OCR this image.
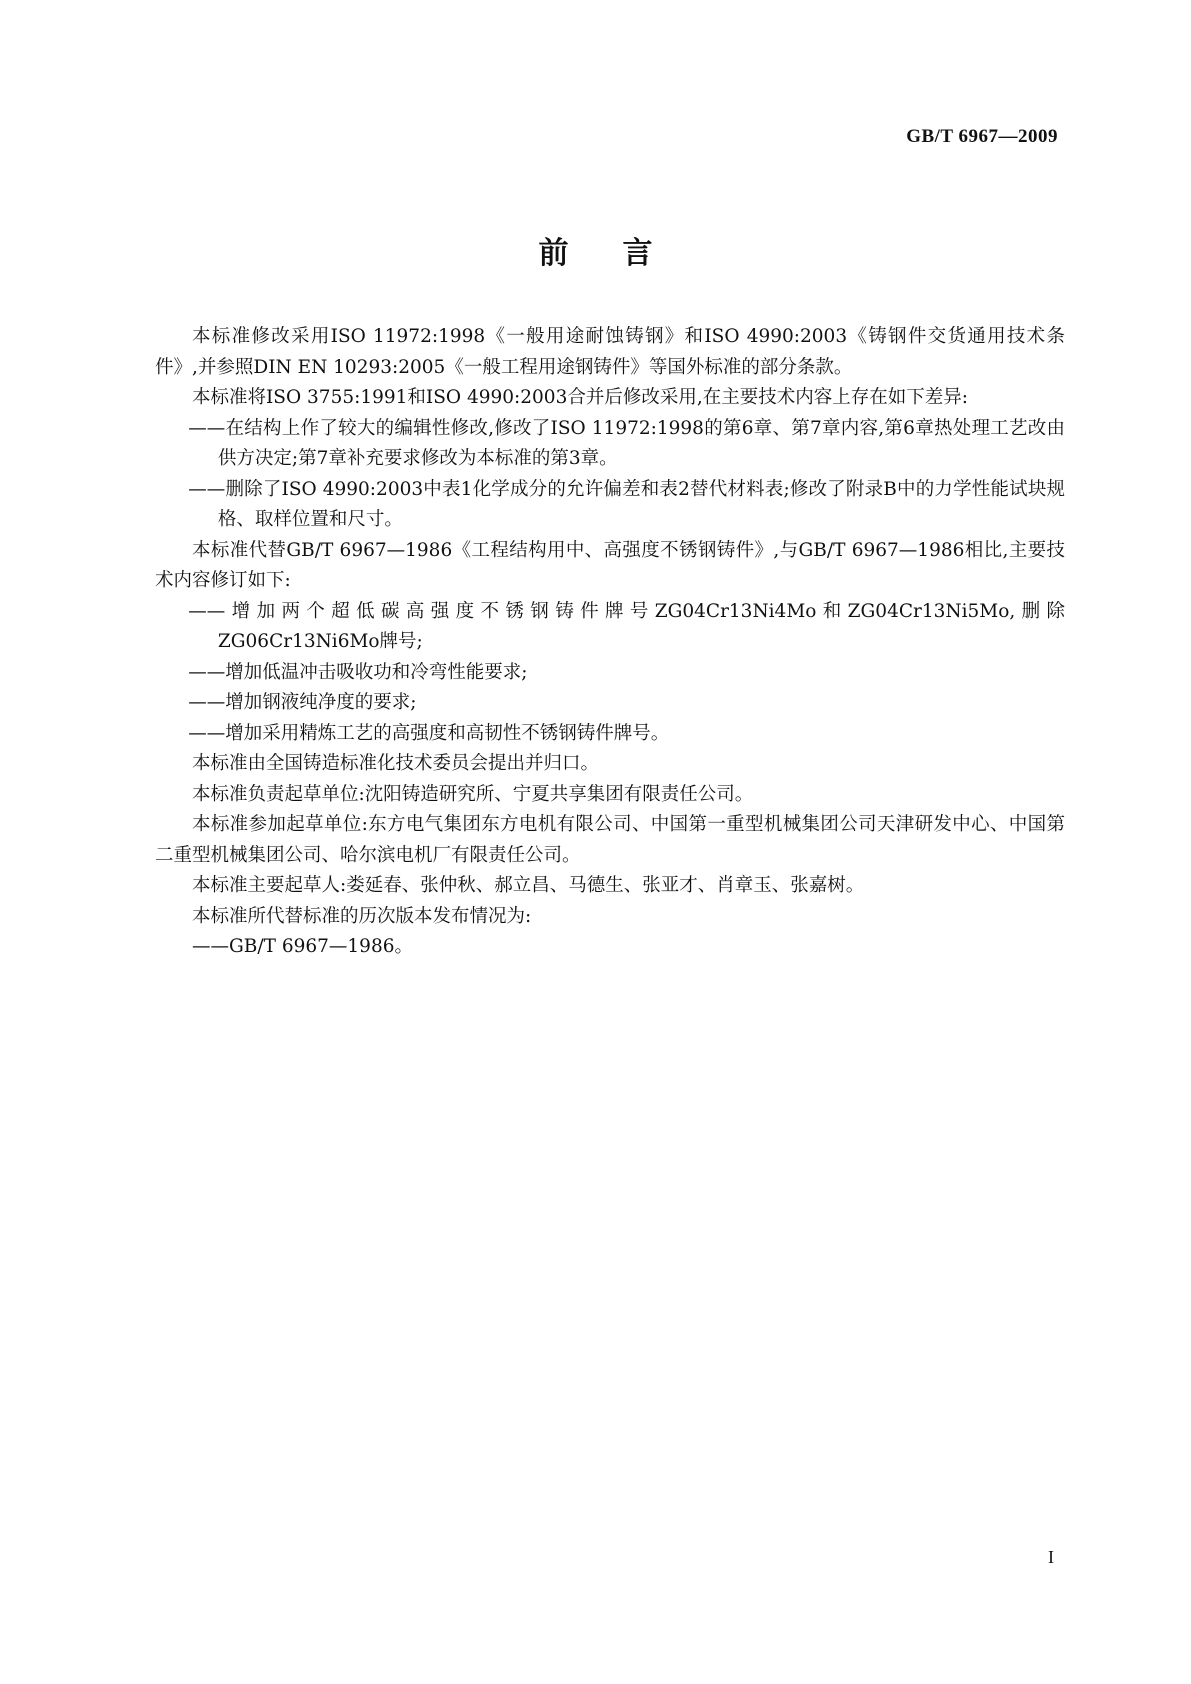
GB/T 6967—2009
前言

本标准修改采用ISO 11972:1998《一般用途耐蚀铸钢》和ISO 4990:2003《铸钢件交货通用技术条件》,并参照DIN EN 10293:2005《一般工程用途钢铸件》等国外标准的部分条款。

本标准将ISO 3755:1991和ISO 4990:2003合并后修改采用,在主要技术内容上存在如下差异:

——在结构上作了较大的编辑性修改,修改了ISO 11972:1998的第6章、第7章内容,第6章热处理工艺改由供方决定;第7章补充要求修改为本标准的第3章。

——删除了ISO 4990:2003中表1化学成分的允许偏差和表2替代材料表;修改了附录B中的力学性能试块规格、取样位置和尺寸。

本标准代替GB/T 6967—1986《工程结构用中、高强度不锈钢铸件》,与GB/T 6967—1986相比,主要技术内容修订如下:

——增加两个超低碳高强度不锈钢铸件牌号ZG04Cr13Ni4Mo和ZG04Cr13Ni5Mo,删除ZG06Cr13Ni6Mo牌号;

——增加低温冲击吸收功和冷弯性能要求;

——增加钢液纯净度的要求;

——增加采用精炼工艺的高强度和高韧性不锈钢铸件牌号。

本标准由全国铸造标准化技术委员会提出并归口。

本标准负责起草单位:沈阳铸造研究所、宁夏共享集团有限责任公司。

本标准参加起草单位:东方电气集团东方电机有限公司、中国第一重型机械集团公司天津研发中心、中国第二重型机械集团公司、哈尔滨电机厂有限责任公司。

本标准主要起草人:娄延春、张仲秋、郝立昌、马德生、张亚才、肖章玉、张嘉树。

本标准所代替标准的历次版本发布情况为:

——GB/T 6967—1986。

I
